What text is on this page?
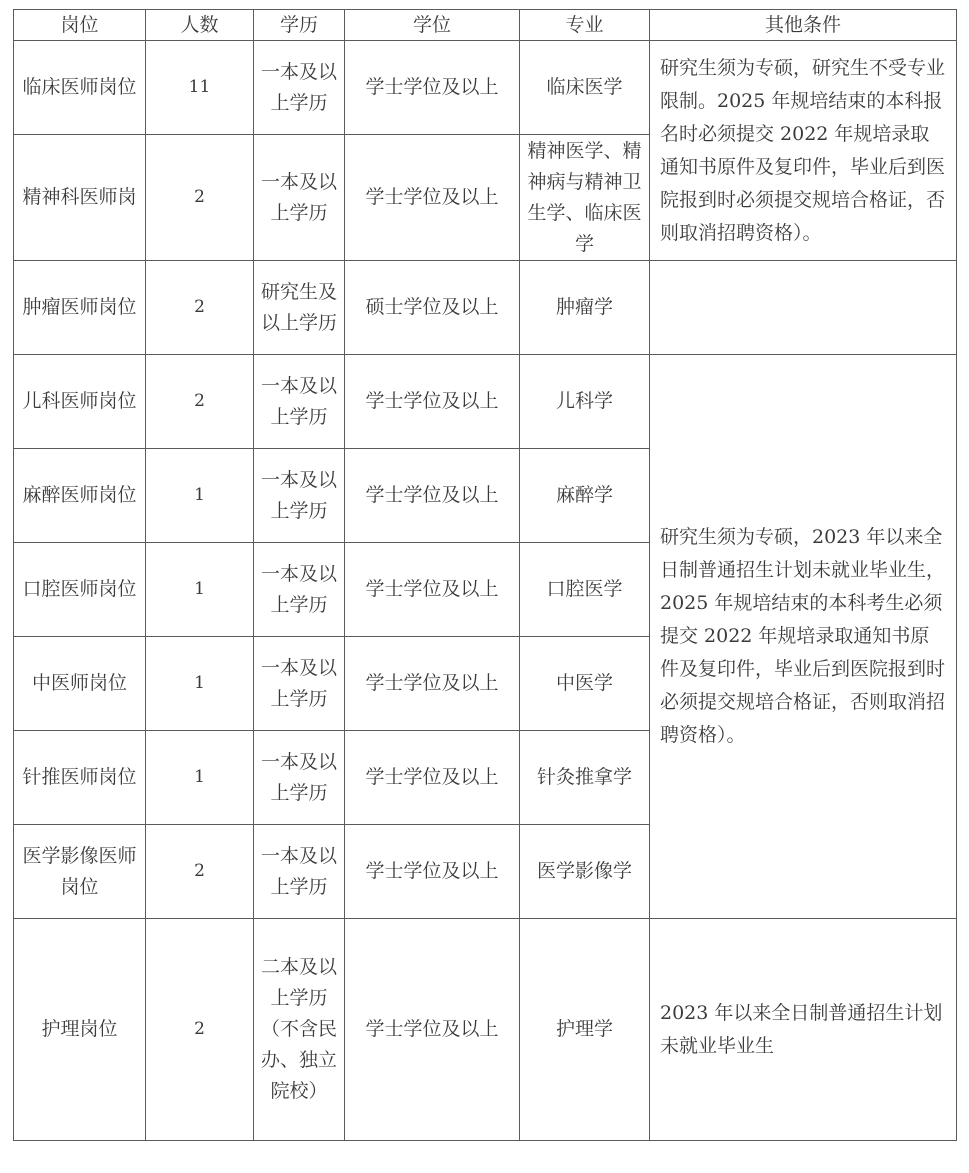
岗位	人数	学历	学位	专业	其他条件
临床医师岗位	11	一本及以上学历	学士学位及以上	临床医学	研究生须为专硕，研究生不受专业限制。2025 年规培结束的本科报名时必须提交 2022 年规培录取通知书原件及复印件，毕业后到医院报到时必须提交规培合格证，否则取消招聘资格）。
精神科医师岗	2	一本及以上学历	学士学位及以上	精神医学、精神病与精神卫生学、临床医学	
肿瘤医师岗位	2	研究生及以上学历	硕士学位及以上	肿瘤学	
儿科医师岗位	2	一本及以上学历	学士学位及以上	儿科学	研究生须为专硕，2023 年以来全日制普通招生计划未就业毕业生，2025 年规培结束的本科考生必须提交 2022 年规培录取通知书原件及复印件，毕业后到医院报到时必须提交规培合格证，否则取消招聘资格）。
麻醉医师岗位	1	一本及以上学历	学士学位及以上	麻醉学	
口腔医师岗位	1	一本及以上学历	学士学位及以上	口腔医学	
中医师岗位	1	一本及以上学历	学士学位及以上	中医学	
针推医师岗位	1	一本及以上学历	学士学位及以上	针灸推拿学	
医学影像医师岗位	2	一本及以上学历	学士学位及以上	医学影像学	
护理岗位	2	二本及以上学历（不含民办、独立院校）	学士学位及以上	护理学	2023 年以来全日制普通招生计划未就业毕业生
